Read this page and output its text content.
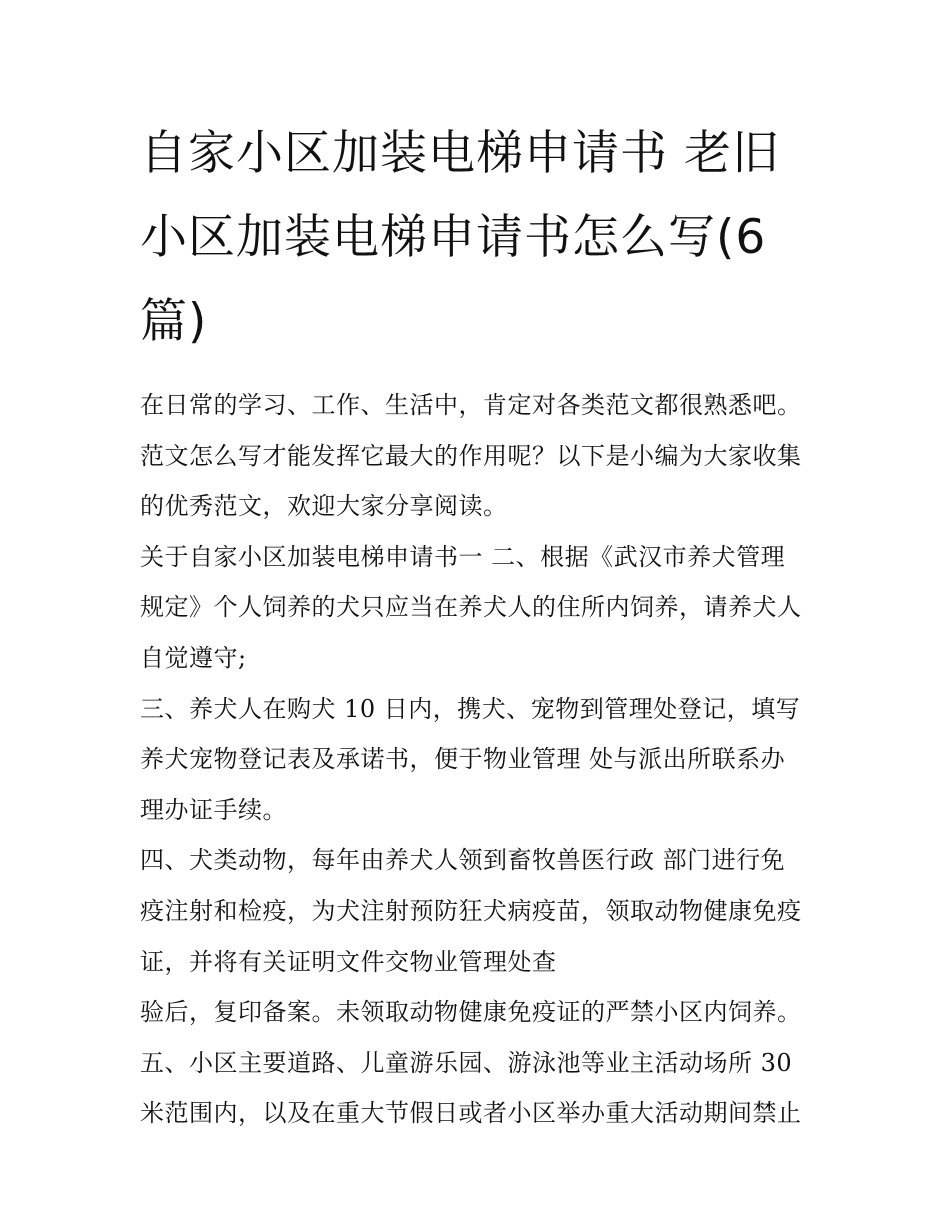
自家小区加装电梯申请书 老旧
小区加装电梯申请书怎么写(6
篇)

在日常的学习、工作、生活中，肯定对各类范文都很熟悉吧。
范文怎么写才能发挥它最大的作用呢？以下是小编为大家收集
的优秀范文，欢迎大家分享阅读。

关于自家小区加装电梯申请书一 二、根据《武汉市养犬管理
规定》个人饲养的犬只应当在养犬人的住所内饲养，请养犬人
自觉遵守;

三、养犬人在购犬 10 日内，携犬、宠物到管理处登记，填写
养犬宠物登记表及承诺书，便于物业管理 处与派出所联系办
理办证手续。

四、犬类动物，每年由养犬人领到畜牧兽医行政 部门进行免
疫注射和检疫，为犬注射预防狂犬病疫苗，领取动物健康免疫
证，并将有关证明文件交物业管理处查

验后，复印备案。未领取动物健康免疫证的严禁小区内饲养。

五、小区主要道路、儿童游乐园、游泳池等业主活动场所 30
米范围内，以及在重大节假日或者小区举办重大活动期间禁止
